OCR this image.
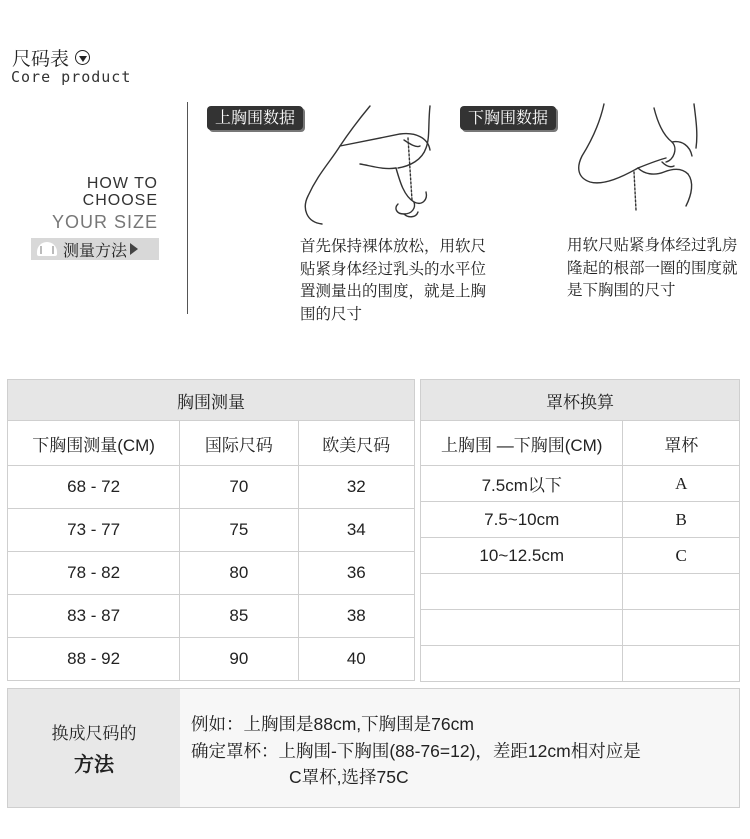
尺码表
Core product
HOW TO
CHOOSE
YOUR SIZE
测量方法
上胸围数据	下胸围数据
首先保持裸体放松，用软尺贴紧身体经过乳头的水平位置测量出的围度，就是上胸围的尺寸
用软尺贴紧身体经过乳房隆起的根部一圈的围度就是下胸围的尺寸
胸围测量		
下胸围测量(CM)	国际尺码	欧美尺码
68 - 72	70	32
73 - 77	75	34
78 - 82	80	36
83 - 87	85	38
88 - 92	90	40
罩杯换算	
上胸围 —下胸围(CM)	罩杯
7.5cm以下	A
7.5~10cm	B
10~12.5cm	C

换成尺码的
方法
例如：上胸围是88cm,下胸围是76cm
确定罩杯：上胸围-下胸围(88-76=12)，差距12cm相对应是
C罩杯,选择75C
